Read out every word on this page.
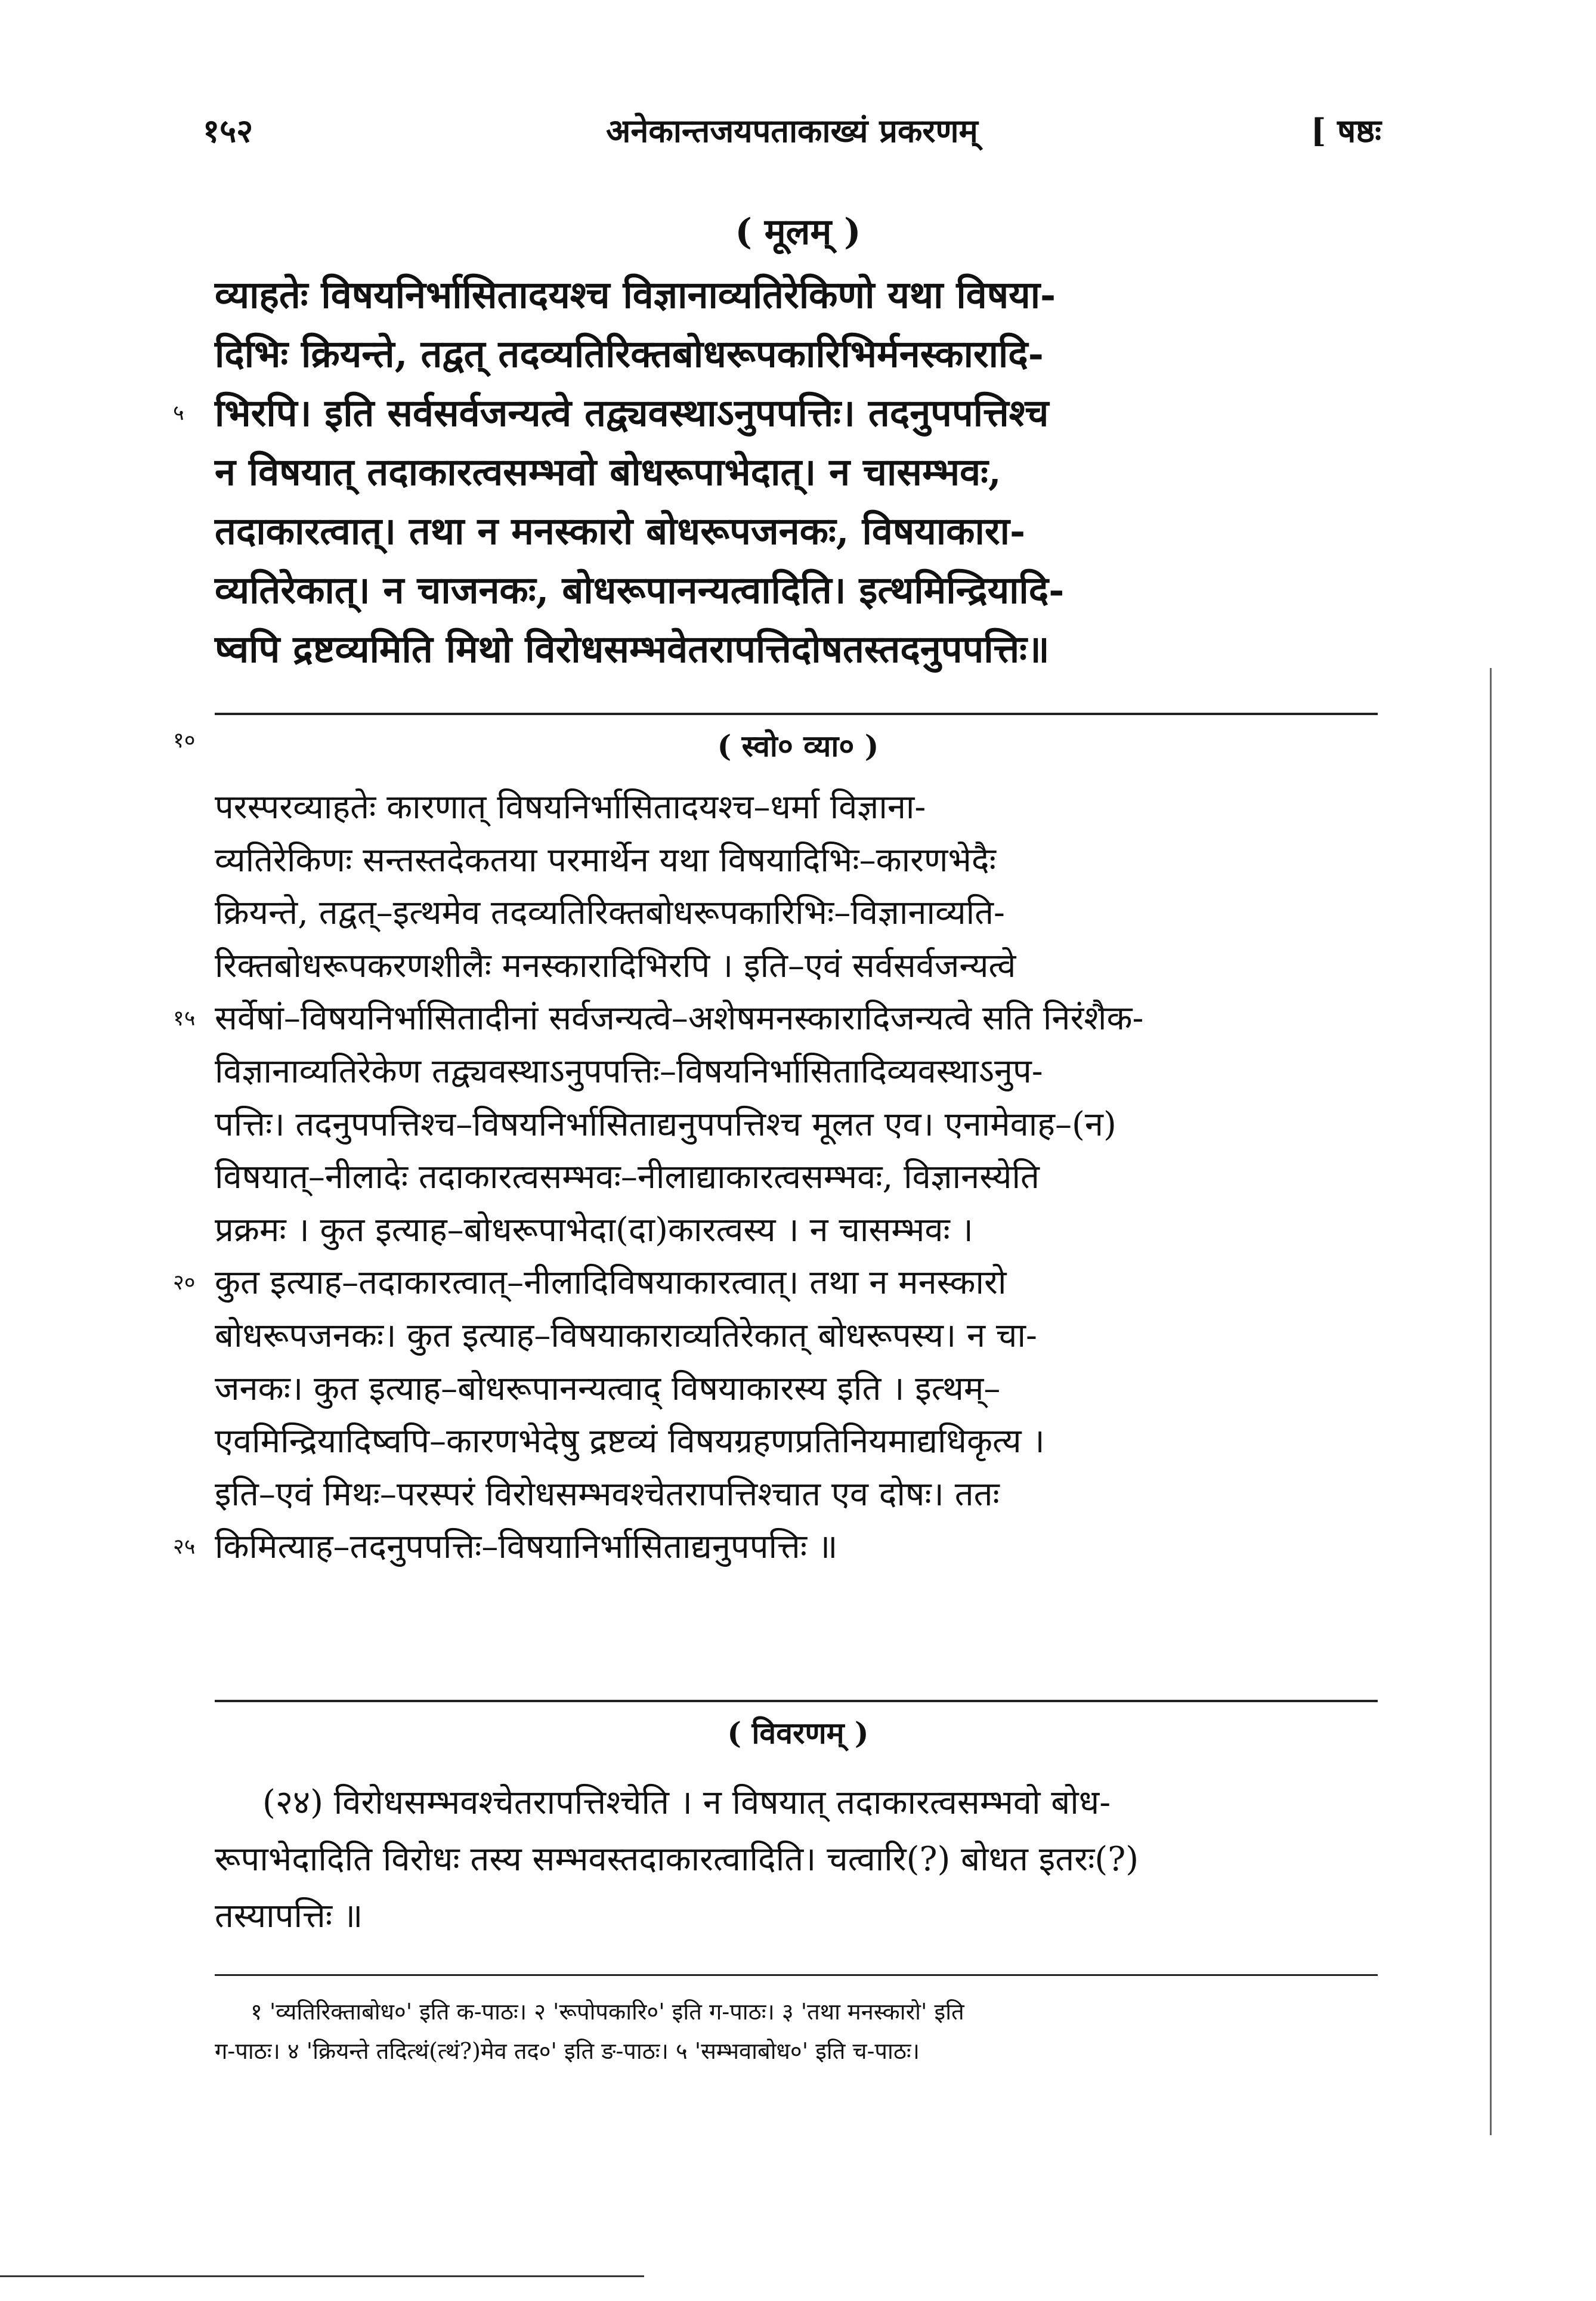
१५२	अनेकान्तजयपताकाख्यं प्रकरणम्	[ षष्ठः
( मूलम् )
व्याहतेः विषयनिर्भासितादयश्च विज्ञानाव्यतिरेकिणो यथा विषया-
दिभिः क्रियन्ते, तद्वत् तदव्यतिरिक्तबोधरूपकारिभिर्मनस्कारादि-
५ भिरपि। इति सर्वसर्वजन्यत्वे तद्व्यवस्थाऽनुपपत्तिः। तदनुपपत्तिश्च
न विषयात् तदाकारत्वसम्भवो बोधरूपाभेदात्। न चासम्भवः,
तदाकारत्वात्। तथा न मनस्कारो बोधरूपजनकः, विषयाकारा-
व्यतिरेकात्। न चाजनकः, बोधरूपानन्यत्वादिति। इत्थमिन्द्रियादि-
ष्वपि द्रष्टव्यमिति मिथो विरोधसम्भवेतरापत्तिदोषतस्तदनुपपत्तिः॥
१०	( स्वो० व्या० )
परस्परव्याहतेः कारणात् विषयनिर्भासितादयश्च–धर्मा विज्ञाना-
व्यतिरेकिणः सन्तस्तदेकतया परमार्थेन यथा विषयादिभिः–कारणभेदैः
क्रियन्ते, तद्वत्–इत्थमेव तदव्यतिरिक्तबोधरूपकारिभिः–विज्ञानाव्यति-
रिक्तबोधरूपकरणशीलैः मनस्कारादिभिरपि । इति–एवं सर्वसर्वजन्यत्वे
१५ सर्वेषां–विषयनिर्भासितादीनां सर्वजन्यत्वे–अशेषमनस्कारादिजन्यत्वे सति निरंशैक-
विज्ञानाव्यतिरेकेण तद्व्यवस्थाऽनुपपत्तिः–विषयनिर्भासितादिव्यवस्थाऽनुप-
पत्तिः। तदनुपपत्तिश्च–विषयनिर्भासिताद्यनुपपत्तिश्च मूलत एव। एनामेवाह–(न)
विषयात्–नीलादेः तदाकारत्वसम्भवः–नीलाद्याकारत्वसम्भवः, विज्ञानस्येति
प्रक्रमः । कुत इत्याह–बोधरूपाभेदा(दा)कारत्वस्य । न चासम्भवः ।
२० कुत इत्याह–तदाकारत्वात्–नीलादिविषयाकारत्वात्। तथा न मनस्कारो
बोधरूपजनकः। कुत इत्याह–विषयाकाराव्यतिरेकात् बोधरूपस्य। न चा-
जनकः। कुत इत्याह–बोधरूपानन्यत्वाद् विषयाकारस्य इति । इत्थम्–
एवमिन्द्रियादिष्वपि–कारणभेदेषु द्रष्टव्यं विषयग्रहणप्रतिनियमाद्यधिकृत्य ।
इति–एवं मिथः–परस्परं विरोधसम्भवश्चेतरापत्तिश्चात एव दोषः। ततः
२५ किमित्याह–तदनुपपत्तिः–विषयानिर्भासिताद्यनुपपत्तिः ॥
( विवरणम् )
(२४) विरोधसम्भवश्चेतरापत्तिश्चेति । न विषयात् तदाकारत्वसम्भवो बोध-
रूपाभेदादिति विरोधः तस्य सम्भवस्तदाकारत्वादिति। चत्वारि(?) बोधत इतरः(?)
तस्यापत्तिः ॥
१ 'व्यतिरिक्ताबोध०' इति क-पाठः। २ 'रूपोपकारि०' इति ग-पाठः। ३ 'तथा मनस्कारो' इति
ग-पाठः। ४ 'क्रियन्ते तदित्थं(त्थं?)मेव तद०' इति ङ-पाठः। ५ 'सम्भवाबोध०' इति च-पाठः।
